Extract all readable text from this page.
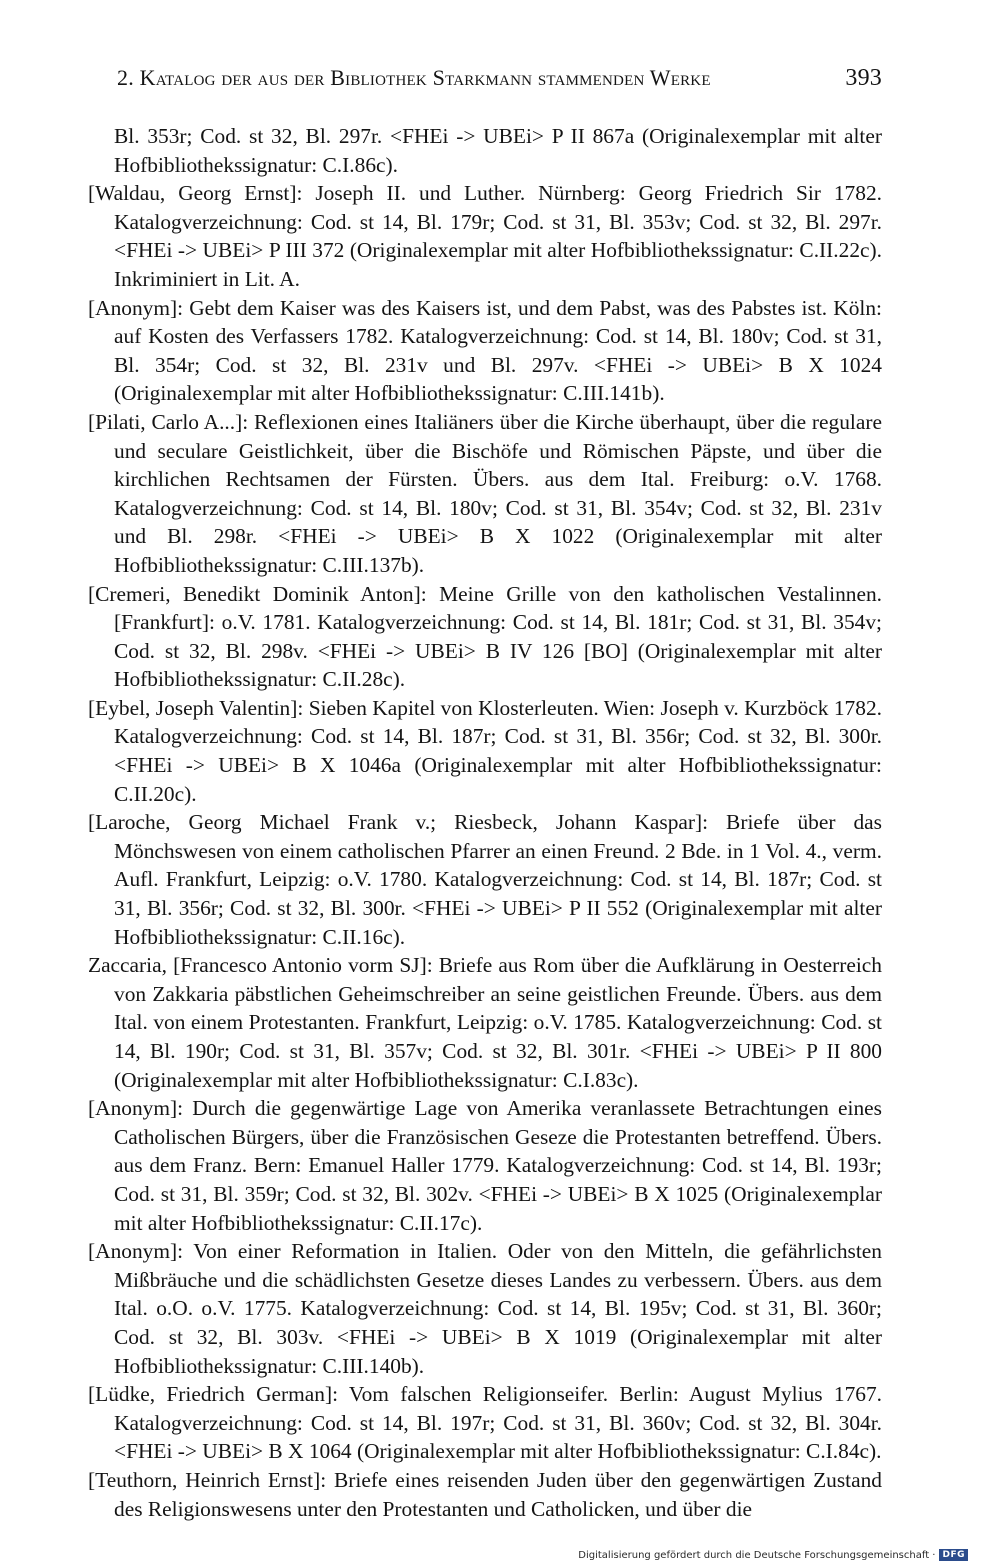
2. Katalog der aus der Bibliothek Starkmann stammenden Werke	393

Bl. 353r; Cod. st 32, Bl. 297r. <FHEi -> UBEi> P II 867a (Originalexemplar mit alter Hofbibliothekssignatur: C.I.86c).

[Waldau, Georg Ernst]: Joseph II. und Luther. Nürnberg: Georg Friedrich Sir 1782. Katalogverzeichnung: Cod. st 14, Bl. 179r; Cod. st 31, Bl. 353v; Cod. st 32, Bl. 297r. <FHEi -> UBEi> P III 372 (Originalexemplar mit alter Hofbibliothekssignatur: C.II.22c). Inkriminiert in Lit. A.

[Anonym]: Gebt dem Kaiser was des Kaisers ist, und dem Pabst, was des Pabstes ist. Köln: auf Kosten des Verfassers 1782. Katalogverzeichnung: Cod. st 14, Bl. 180v; Cod. st 31, Bl. 354r; Cod. st 32, Bl. 231v und Bl. 297v. <FHEi -> UBEi> B X 1024 (Originalexemplar mit alter Hofbibliothekssignatur: C.III.141b).

[Pilati, Carlo A...]: Reflexionen eines Italiäners über die Kirche überhaupt, über die regulare und seculare Geistlichkeit, über die Bischöfe und Römischen Päpste, und über die kirchlichen Rechtsamen der Fürsten. Übers. aus dem Ital. Freiburg: o.V. 1768. Katalogverzeichnung: Cod. st 14, Bl. 180v; Cod. st 31, Bl. 354v; Cod. st 32, Bl. 231v und Bl. 298r. <FHEi -> UBEi> B X 1022 (Originalexemplar mit alter Hofbibliothekssignatur: C.III.137b).

[Cremeri, Benedikt Dominik Anton]: Meine Grille von den katholischen Vestalinnen. [Frankfurt]: o.V. 1781. Katalogverzeichnung: Cod. st 14, Bl. 181r; Cod. st 31, Bl. 354v; Cod. st 32, Bl. 298v. <FHEi -> UBEi> B IV 126 [BO] (Originalexemplar mit alter Hofbibliothekssignatur: C.II.28c).

[Eybel, Joseph Valentin]: Sieben Kapitel von Klosterleuten. Wien: Joseph v. Kurzböck 1782. Katalogverzeichnung: Cod. st 14, Bl. 187r; Cod. st 31, Bl. 356r; Cod. st 32, Bl. 300r. <FHEi -> UBEi> B X 1046a (Originalexemplar mit alter Hofbibliothekssignatur: C.II.20c).

[Laroche, Georg Michael Frank v.; Riesbeck, Johann Kaspar]: Briefe über das Mönchswesen von einem catholischen Pfarrer an einen Freund. 2 Bde. in 1 Vol. 4., verm. Aufl. Frankfurt, Leipzig: o.V. 1780. Katalogverzeichnung: Cod. st 14, Bl. 187r; Cod. st 31, Bl. 356r; Cod. st 32, Bl. 300r. <FHEi -> UBEi> P II 552 (Originalexemplar mit alter Hofbibliothekssignatur: C.II.16c).

Zaccaria, [Francesco Antonio vorm SJ]: Briefe aus Rom über die Aufklärung in Oesterreich von Zakkaria päbstlichen Geheimschreiber an seine geistlichen Freunde. Übers. aus dem Ital. von einem Protestanten. Frankfurt, Leipzig: o.V. 1785. Katalogverzeichnung: Cod. st 14, Bl. 190r; Cod. st 31, Bl. 357v; Cod. st 32, Bl. 301r. <FHEi -> UBEi> P II 800 (Originalexemplar mit alter Hofbibliothekssignatur: C.I.83c).

[Anonym]: Durch die gegenwärtige Lage von Amerika veranlassete Betrachtungen eines Catholischen Bürgers, über die Französischen Geseze die Protestanten betreffend. Übers. aus dem Franz. Bern: Emanuel Haller 1779. Katalogverzeichnung: Cod. st 14, Bl. 193r; Cod. st 31, Bl. 359r; Cod. st 32, Bl. 302v. <FHEi -> UBEi> B X 1025 (Originalexemplar mit alter Hofbibliothekssignatur: C.II.17c).

[Anonym]: Von einer Reformation in Italien. Oder von den Mitteln, die gefährlichsten Mißbräuche und die schädlichsten Gesetze dieses Landes zu verbessern. Übers. aus dem Ital. o.O. o.V. 1775. Katalogverzeichnung: Cod. st 14, Bl. 195v; Cod. st 31, Bl. 360r; Cod. st 32, Bl. 303v. <FHEi -> UBEi> B X 1019 (Originalexemplar mit alter Hofbibliothekssignatur: C.III.140b).

[Lüdke, Friedrich German]: Vom falschen Religionseifer. Berlin: August Mylius 1767. Katalogverzeichnung: Cod. st 14, Bl. 197r; Cod. st 31, Bl. 360v; Cod. st 32, Bl. 304r. <FHEi -> UBEi> B X 1064 (Originalexemplar mit alter Hofbibliothekssignatur: C.I.84c).

[Teuthorn, Heinrich Ernst]: Briefe eines reisenden Juden über den gegenwärtigen Zustand des Religionswesens unter den Protestanten und Catholicken, und über die

Digitalisierung gefördert durch die Deutsche Forschungsgemeinschaft · DFG
